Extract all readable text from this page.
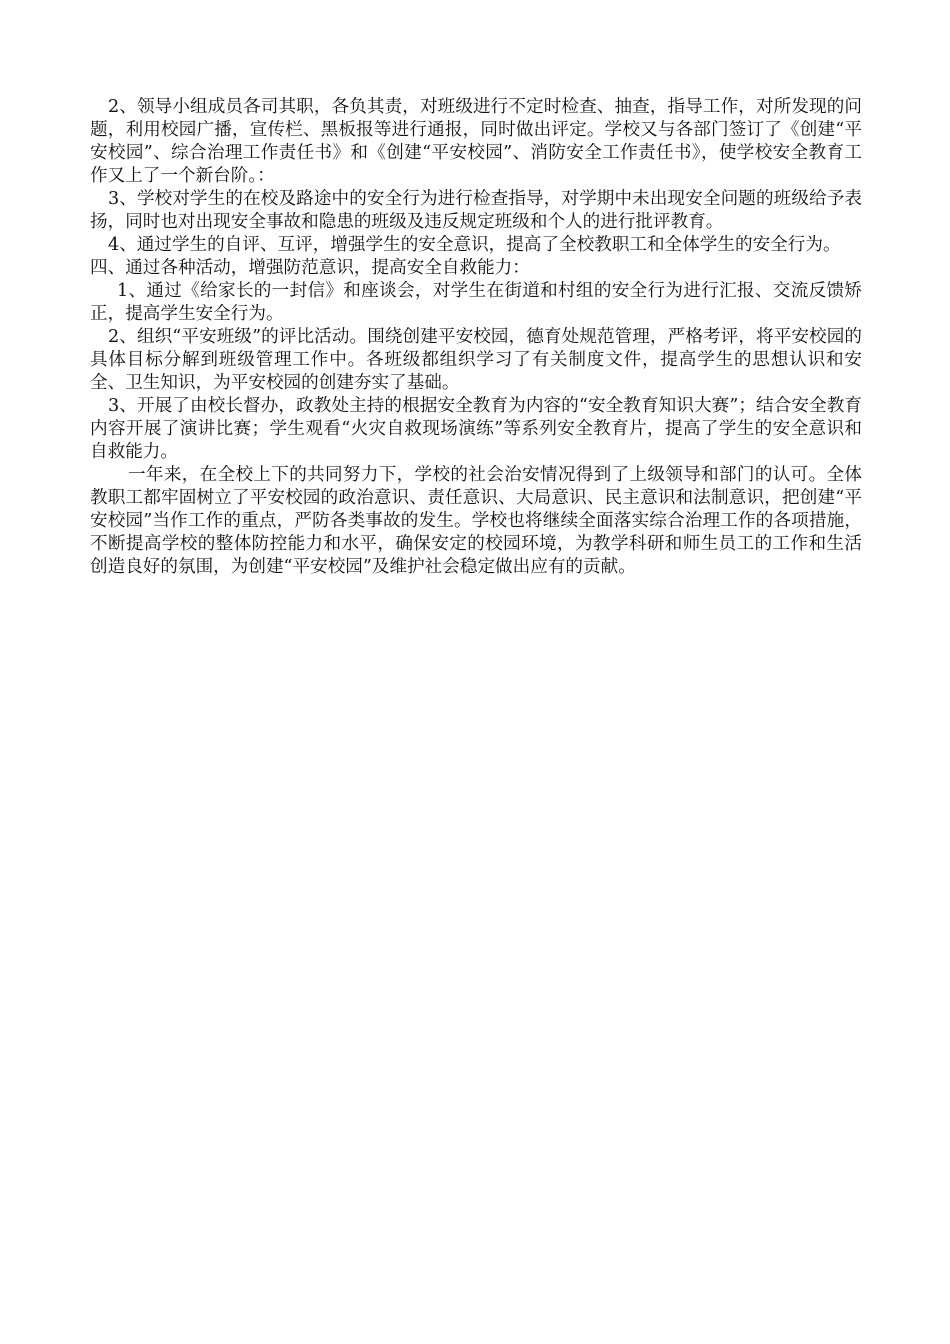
2、领导小组成员各司其职，各负其责，对班级进行不定时检查、抽查，指导工作，对所发现的问题，利用校园广播，宣传栏、黑板报等进行通报，同时做出评定。学校又与各部门签订了《创建“平安校园”、综合治理工作责任书》和《创建“平安校园”、消防安全工作责任书》，使学校安全教育工作又上了一个新台阶。：

3、学校对学生的在校及路途中的安全行为进行检查指导，对学期中未出现安全问题的班级给予表扬，同时也对出现安全事故和隐患的班级及违反规定班级和个人的进行批评教育。

4、通过学生的自评、互评，增强学生的安全意识，提高了全校教职工和全体学生的安全行为。

四、通过各种活动，增强防范意识，提高安全自救能力：

1、通过《给家长的一封信》和座谈会，对学生在街道和村组的安全行为进行汇报、交流反馈矫正，提高学生安全行为。

2、组织“平安班级”的评比活动。围绕创建平安校园，德育处规范管理，严格考评，将平安校园的具体目标分解到班级管理工作中。各班级都组织学习了有关制度文件，提高学生的思想认识和安全、卫生知识，为平安校园的创建夯实了基础。

3、开展了由校长督办，政教处主持的根据安全教育为内容的“安全教育知识大赛”；结合安全教育内容开展了演讲比赛；学生观看“火灾自救现场演练”等系列安全教育片，提高了学生的安全意识和自救能力。

一年来，在全校上下的共同努力下，学校的社会治安情况得到了上级领导和部门的认可。全体教职工都牢固树立了平安校园的政治意识、责任意识、大局意识、民主意识和法制意识，把创建“平安校园”当作工作的重点，严防各类事故的发生。学校也将继续全面落实综合治理工作的各项措施，不断提高学校的整体防控能力和水平，确保安定的校园环境，为教学科研和师生员工的工作和生活创造良好的氛围，为创建“平安校园”及维护社会稳定做出应有的贡献。
